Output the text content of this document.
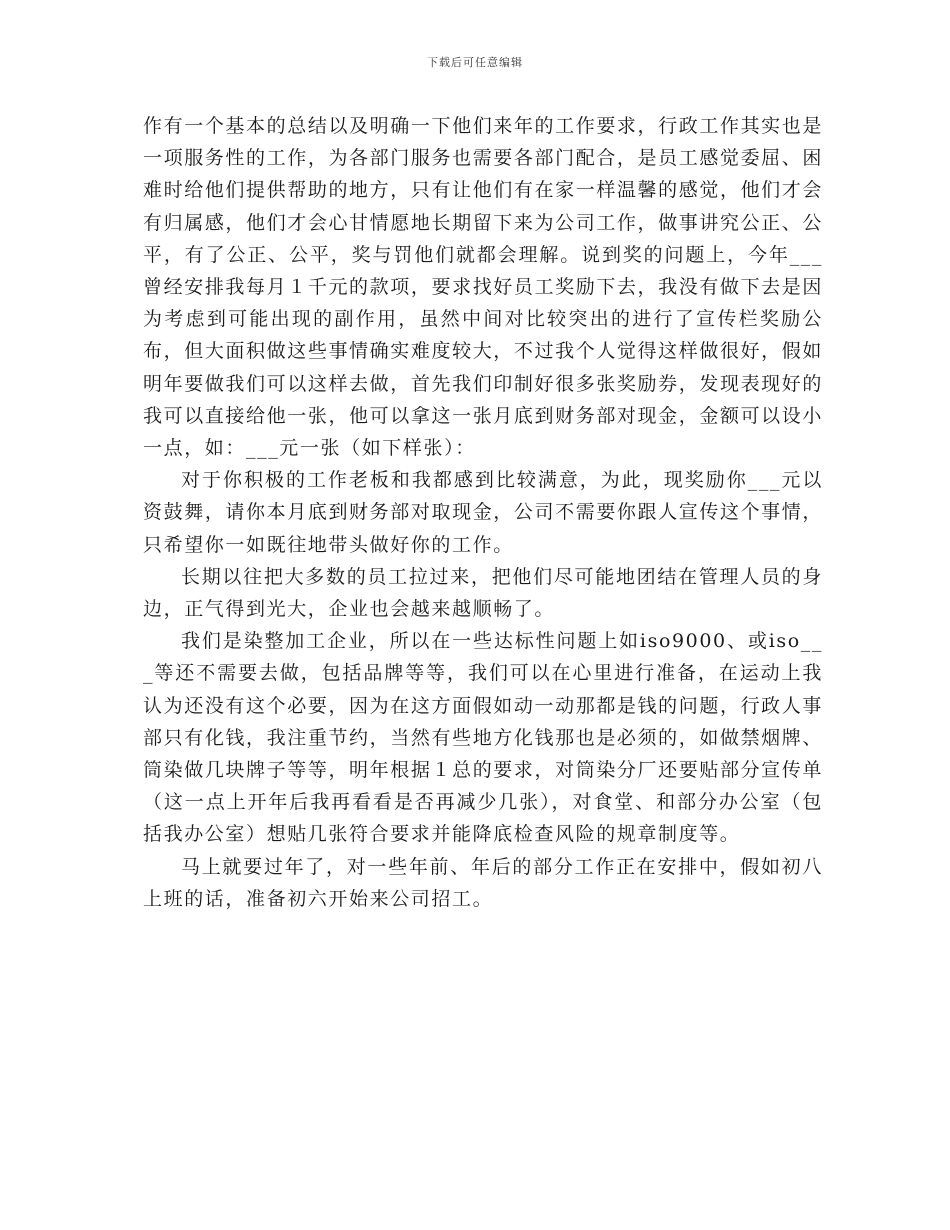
下载后可任意编辑

作有一个基本的总结以及明确一下他们来年的工作要求，行政工作其实也是一项服务性的工作，为各部门服务也需要各部门配合，是员工感觉委屈、困难时给他们提供帮助的地方，只有让他们有在家一样温馨的感觉，他们才会有归属感，他们才会心甘情愿地长期留下来为公司工作，做事讲究公正、公平，有了公正、公平，奖与罚他们就都会理解。说到奖的问题上，今年___曾经安排我每月１千元的款项，要求找好员工奖励下去，我没有做下去是因为考虑到可能出现的副作用，虽然中间对比较突出的进行了宣传栏奖励公布，但大面积做这些事情确实难度较大，不过我个人觉得这样做很好，假如明年要做我们可以这样去做，首先我们印制好很多张奖励券，发现表现好的我可以直接给他一张，他可以拿这一张月底到财务部对现金，金额可以设小一点，如：___元一张（如下样张）：

对于你积极的工作老板和我都感到比较满意，为此，现奖励你___元以资鼓舞，请你本月底到财务部对取现金，公司不需要你跟人宣传这个事情，只希望你一如既往地带头做好你的工作。

长期以往把大多数的员工拉过来，把他们尽可能地团结在管理人员的身边，正气得到光大，企业也会越来越顺畅了。

我们是染整加工企业，所以在一些达标性问题上如iso9000、或iso___等还不需要去做，包括品牌等等，我们可以在心里进行准备，在运动上我认为还没有这个必要，因为在这方面假如动一动那都是钱的问题，行政人事部只有化钱，我注重节约，当然有些地方化钱那也是必须的，如做禁烟牌、筒染做几块牌子等等，明年根据１总的要求，对筒染分厂还要贴部分宣传单（这一点上开年后我再看看是否再减少几张），对食堂、和部分办公室（包括我办公室）想贴几张符合要求并能降底检查风险的规章制度等。

马上就要过年了，对一些年前、年后的部分工作正在安排中，假如初八上班的话，准备初六开始来公司招工。
